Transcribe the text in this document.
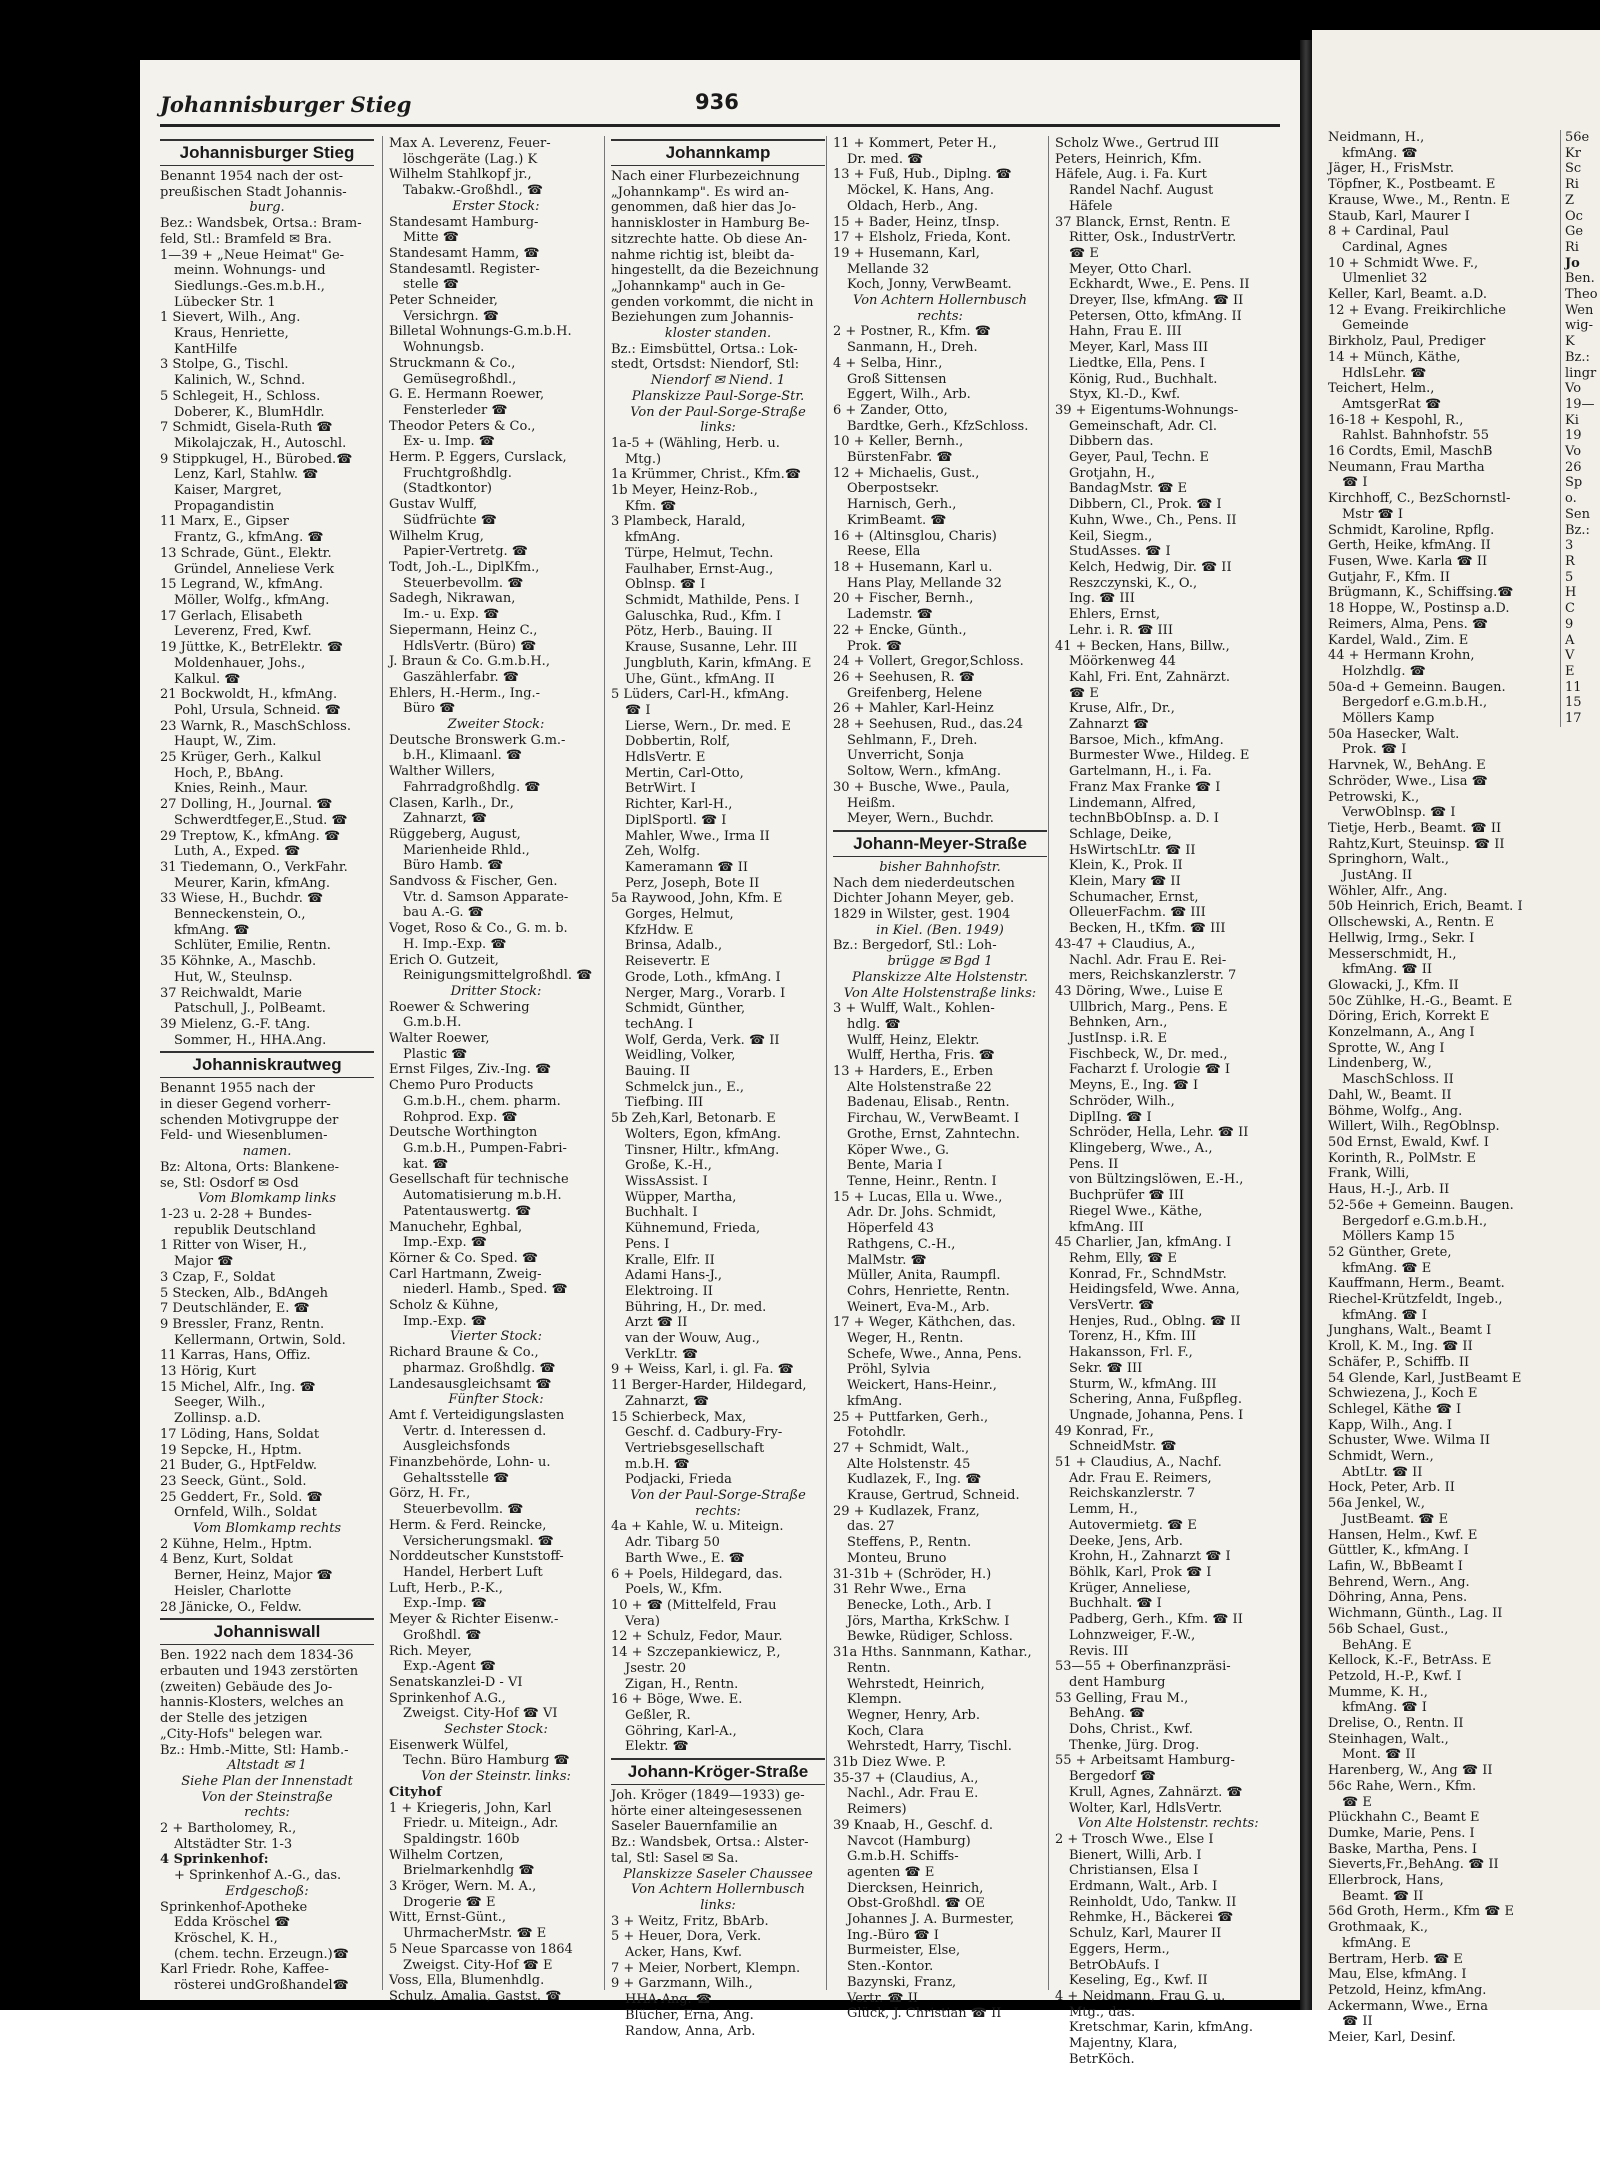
Johannisburger Stieg	936
Johannisburger Stieg
Benannt 1954 nach der ost-
preußischen Stadt Johannis-
burg.
Bez.: Wandsbek, Ortsa.: Bram-
feld, Stl.: Bramfeld ✉ Bra.
1—39 + „Neue Heimat" Ge-
meinn. Wohnungs- und
Siedlungs.-Ges.m.b.H.,
Lübecker Str. 1
1 Sievert, Wilh., Ang.
Kraus, Henriette,
KantHilfe
3 Stolpe, G., Tischl.
Kalinich, W., Schnd.
5 Schlegeit, H., Schloss.
Doberer, K., BlumHdlr.
7 Schmidt, Gisela-Ruth ☎
Mikolajczak, H., Autoschl.
9 Stippkugel, H., Bürobed.☎
Lenz, Karl, Stahlw. ☎
Kaiser, Margret,
Propagandistin
11 Marx, E., Gipser
Frantz, G., kfmAng. ☎
13 Schrade, Günt., Elektr.
Gründel, Anneliese Verk
15 Legrand, W., kfmAng.
Möller, Wolfg., kfmAng.
17 Gerlach, Elisabeth
Leverenz, Fred, Kwf.
19 Jüttke, K., BetrElektr. ☎
Moldenhauer, Johs.,
Kalkul. ☎
21 Bockwoldt, H., kfmAng.
Pohl, Ursula, Schneid. ☎
23 Warnk, R., MaschSchloss.
Haupt, W., Zim.
25 Krüger, Gerh., Kalkul
Hoch, P., BbAng.
Knies, Reinh., Maur.
27 Dolling, H., Journal. ☎
Schwerdtfeger,E.,Stud. ☎
29 Treptow, K., kfmAng. ☎
Luth, A., Exped. ☎
31 Tiedemann, O., VerkFahr.
Meurer, Karin, kfmAng.
33 Wiese, H., Buchdr. ☎
Benneckenstein, O.,
kfmAng. ☎
Schlüter, Emilie, Rentn.
35 Köhnke, A., Maschb.
Hut, W., Steulnsp.
37 Reichwaldt, Marie
Patschull, J., PolBeamt.
39 Mielenz, G.-F. tAng.
Sommer, H., HHA.Ang.
Johanniskrautweg
Benannt 1955 nach der
in dieser Gegend vorherr-
schenden Motivgruppe der
Feld- und Wiesenblumen-
namen.
Bz: Altona, Orts: Blankene-
se, Stl: Osdorf ✉ Osd
Vom Blomkamp links
1-23 u. 2-28 + Bundes-
republik Deutschland
1 Ritter von Wiser, H.,
Major ☎
3 Czap, F., Soldat
5 Stecken, Alb., BdAngeh
7 Deutschländer, E. ☎
9 Bressler, Franz, Rentn.
Kellermann, Ortwin, Sold.
11 Karras, Hans, Offiz.
13 Hörig, Kurt
15 Michel, Alfr., Ing. ☎
Seeger, Wilh.,
Zollinsp. a.D.
17 Löding, Hans, Soldat
19 Sepcke, H., Hptm.
21 Buder, G., HptFeldw.
23 Seeck, Günt., Sold.
25 Geddert, Fr., Sold. ☎
Ornfeld, Wilh., Soldat
Vom Blomkamp rechts
2 Kühne, Helm., Hptm.
4 Benz, Kurt, Soldat
Berner, Heinz, Major ☎
Heisler, Charlotte
28 Jänicke, O., Feldw.
Johanniswall
Ben. 1922 nach dem 1834-36
erbauten und 1943 zerstörten
(zweiten) Gebäude des Jo-
hannis-Klosters, welches an
der Stelle des jetzigen
„City-Hofs" belegen war.
Bz.: Hmb.-Mitte, Stl: Hamb.-
Altstadt ✉ 1
Siehe Plan der Innenstadt
Von der Steinstraße
rechts:
2 + Bartholomey, R.,
Altstädter Str. 1-3
4 Sprinkenhof:
+ Sprinkenhof A.-G., das.
Erdgeschoß:
Sprinkenhof-Apotheke
Edda Kröschel ☎
Kröschel, K. H.,
(chem. techn. Erzeugn.)☎
Karl Friedr. Rohe, Kaffee-
rösterei undGroßhandel☎
Max A. Leverenz, Feuer-
löschgeräte (Lag.) K
Wilhelm Stahlkopf jr.,
Tabakw.-Großhdl., ☎
Erster Stock:
Standesamt Hamburg-
Mitte ☎
Standesamt Hamm, ☎
Standesamtl. Register-
stelle ☎
Peter Schneider,
Versichrgn. ☎
Billetal Wohnungs-G.m.b.H.
Wohnungsb.
Struckmann & Co.,
Gemüsegroßhdl.,
G. E. Hermann Roewer,
Fensterleder ☎
Theodor Peters & Co.,
Ex- u. Imp. ☎
Herm. P. Eggers, Curslack,
Fruchtgroßhdlg.
(Stadtkontor)
Gustav Wulff,
Südfrüchte ☎
Wilhelm Krug,
Papier-Vertretg. ☎
Todt, Joh.-L., DiplKfm.,
Steuerbevollm. ☎
Sadegh, Nikrawan,
Im.- u. Exp. ☎
Siepermann, Heinz C.,
HdlsVertr. (Büro) ☎
J. Braun & Co. G.m.b.H.,
Gaszählerfabr. ☎
Ehlers, H.-Herm., Ing.-
Büro ☎
Zweiter Stock:
Deutsche Bronswerk G.m.-
b.H., Klimaanl. ☎
Walther Willers,
Fahrradgroßhdlg. ☎
Clasen, Karlh., Dr.,
Zahnarzt, ☎
Rüggeberg, August,
Marienheide Rhld.,
Büro Hamb. ☎
Sandvoss & Fischer, Gen.
Vtr. d. Samson Apparate-
bau A.-G. ☎
Voget, Roso & Co., G. m. b.
H. Imp.-Exp. ☎
Erich O. Gutzeit,
Reinigungsmittelgroßhdl. ☎
Dritter Stock:
Roewer & Schwering
G.m.b.H.
Walter Roewer,
Plastic ☎
Ernst Filges, Ziv.-Ing. ☎
Chemo Puro Products
G.m.b.H., chem. pharm.
Rohprod. Exp. ☎
Deutsche Worthington
G.m.b.H., Pumpen-Fabri-
kat. ☎
Gesellschaft für technische
Automatisierung m.b.H.
Patentauswertg. ☎
Manuchehr, Eghbal,
Imp.-Exp. ☎
Körner & Co. Sped. ☎
Carl Hartmann, Zweig-
niederl. Hamb., Sped. ☎
Scholz & Kühne,
Imp.-Exp. ☎
Vierter Stock:
Richard Braune & Co.,
pharmaz. Großhdlg. ☎
Landesausgleichsamt ☎
Fünfter Stock:
Amt f. Verteidigungslasten
Vertr. d. Interessen d.
Ausgleichsfonds
Finanzbehörde, Lohn- u.
Gehaltsstelle ☎
Görz, H. Fr.,
Steuerbevollm. ☎
Herm. & Ferd. Reincke,
Versicherungsmakl. ☎
Norddeutscher Kunststoff-
Handel, Herbert Luft
Luft, Herb., P.-K.,
Exp.-Imp. ☎
Meyer & Richter Eisenw.-
Großhdl. ☎
Rich. Meyer,
Exp.-Agent ☎
Senatskanzlei-D - VI
Sprinkenhof A.G.,
Zweigst. City-Hof ☎ VI
Sechster Stock:
Eisenwerk Wülfel,
Techn. Büro Hamburg ☎
Von der Steinstr. links:
Cityhof
1 + Kriegeris, John, Karl
Friedr. u. Miteign., Adr.
Spaldingstr. 160b
Wilhelm Cortzen,
Brielmarkenhdlg ☎
3 Kröger, Wern. M. A.,
Drogerie ☎ E
Witt, Ernst-Günt.,
UhrmacherMstr. ☎ E
5 Neue Sparcasse von 1864
Zweigst. City-Hof ☎ E
Voss, Ella, Blumenhdlg.
Schulz, Amalia, Gastst. ☎
Johannkamp
Nach einer Flurbezeichnung
„Johannkamp". Es wird an-
genommen, daß hier das Jo-
hanniskloster in Hamburg Be-
sitzrechte hatte. Ob diese An-
nahme richtig ist, bleibt da-
hingestellt, da die Bezeichnung
„Johannkamp" auch in Ge-
genden vorkommt, die nicht in
Beziehungen zum Johannis-
kloster standen.
Bz.: Eimsbüttel, Ortsa.: Lok-
stedt, Ortsdst: Niendorf, Stl:
Niendorf ✉ Niend. 1
Planskizze Paul-Sorge-Str.
Von der Paul-Sorge-Straße
links:
1a-5 + (Wähling, Herb. u.
Mtg.)
1a Krümmer, Christ., Kfm.☎
1b Meyer, Heinz-Rob.,
Kfm. ☎
3 Plambeck, Harald,
kfmAng.
Türpe, Helmut, Techn.
Faulhaber, Ernst-Aug.,
Oblnsp. ☎ I
Schmidt, Mathilde, Pens. I
Galuschka, Rud., Kfm. I
Pötz, Herb., Bauing. II
Krause, Susanne, Lehr. III
Jungbluth, Karin, kfmAng. E
Uhe, Günt., kfmAng. II
5 Lüders, Carl-H., kfmAng.
☎ I
Lierse, Wern., Dr. med. E
Dobbertin, Rolf,
HdlsVertr. E
Mertin, Carl-Otto,
BetrWirt. I
Richter, Karl-H.,
DiplSportl. ☎ I
Mahler, Wwe., Irma II
Zeh, Wolfg.
Kameramann ☎ II
Perz, Joseph, Bote II
5a Raywood, John, Kfm. E
Gorges, Helmut,
KfzHdw. E
Brinsa, Adalb.,
Reisevertr. E
Grode, Loth., kfmAng. I
Nerger, Marg., Vorarb. I
Schmidt, Günther,
techAng. I
Wolf, Gerda, Verk. ☎ II
Weidling, Volker,
Bauing. II
Schmelck jun., E.,
Tiefbing. III
5b Zeh,Karl, Betonarb. E
Wolters, Egon, kfmAng.
Tinsner, Hiltr., kfmAng.
Große, K.-H.,
WissAssist. I
Wüpper, Martha,
Buchhalt. I
Kühnemund, Frieda,
Pens. I
Kralle, Elfr. II
Adami Hans-J.,
Elektroing. II
Bühring, H., Dr. med.
Arzt ☎ II
van der Wouw, Aug.,
VerkLtr. ☎
9 + Weiss, Karl, i. gl. Fa. ☎
11 Berger-Harder, Hildegard,
Zahnarzt, ☎
15 Schierbeck, Max,
Geschf. d. Cadbury-Fry-
Vertriebsgesellschaft
m.b.H. ☎
Podjacki, Frieda
Von der Paul-Sorge-Straße
rechts:
4a + Kahle, W. u. Miteign.
Adr. Tibarg 50
Barth Wwe., E. ☎
6 + Poels, Hildegard, das.
Poels, W., Kfm.
10 + ☎ (Mittelfeld, Frau
Vera)
12 + Schulz, Fedor, Maur.
14 + Szczepankiewicz, P.,
Jsestr. 20
Zigan, H., Rentn.
16 + Böge, Wwe. E.
Geßler, R.
Göhring, Karl-A.,
Elektr. ☎
Johann-Kröger-Straße
Joh. Kröger (1849—1933) ge-
hörte einer alteingesessenen
Saseler Bauernfamilie an
Bz.: Wandsbek, Ortsa.: Alster-
tal, Stl: Sasel ✉ Sa.
Planskizze Saseler Chaussee
Von Achtern Hollernbusch
links:
3 + Weitz, Fritz, BbArb.
5 + Heuer, Dora, Verk.
Acker, Hans, Kwf.
7 + Meier, Norbert, Klempn.
9 + Garzmann, Wilh.,
HHA-Ang. ☎
Blücher, Erna, Ang.
Randow, Anna, Arb.
11 + Kommert, Peter H.,
Dr. med. ☎
13 + Fuß, Hub., Diplng. ☎
Möckel, K. Hans, Ang.
Oldach, Herb., Ang.
15 + Bader, Heinz, tInsp.
17 + Elsholz, Frieda, Kont.
19 + Husemann, Karl,
Mellande 32
Koch, Jonny, VerwBeamt.
Von Achtern Hollernbusch
rechts:
2 + Postner, R., Kfm. ☎
Sanmann, H., Dreh.
4 + Selba, Hinr.,
Groß Sittensen
Eggert, Wilh., Arb.
6 + Zander, Otto,
Bardtke, Gerh., KfzSchloss.
10 + Keller, Bernh.,
BürstenFabr. ☎
12 + Michaelis, Gust.,
Oberpostsekr.
Harnisch, Gerh.,
KrimBeamt. ☎
16 + (Altinsglou, Charis)
Reese, Ella
18 + Husemann, Karl u.
Hans Play, Mellande 32
20 + Fischer, Bernh.,
Lademstr. ☎
22 + Encke, Günth.,
Prok. ☎
24 + Vollert, Gregor,Schloss.
26 + Seehusen, R. ☎
Greifenberg, Helene
26 + Mahler, Karl-Heinz
28 + Seehusen, Rud., das.24
Sehlmann, F., Dreh.
Unverricht, Sonja
Soltow, Wern., kfmAng.
30 + Busche, Wwe., Paula,
Heißm.
Meyer, Wern., Buchdr.
Johann-Meyer-Straße
bisher Bahnhofstr.
Nach dem niederdeutschen
Dichter Johann Meyer, geb.
1829 in Wilster, gest. 1904
in Kiel. (Ben. 1949)
Bz.: Bergedorf, Stl.: Loh-
brügge ✉ Bgd 1
Planskizze Alte Holstenstr.
Von Alte Holstenstraße links:
3 + Wulff, Walt., Kohlen-
hdlg. ☎
Wulff, Heinz, Elektr.
Wulff, Hertha, Fris. ☎
13 + Harders, E., Erben
Alte Holstenstraße 22
Badenau, Elisab., Rentn.
Firchau, W., VerwBeamt. I
Grothe, Ernst, Zahntechn.
Köper Wwe., G.
Bente, Maria I
Tenne, Heinr., Rentn. I
15 + Lucas, Ella u. Wwe.,
Adr. Dr. Johs. Schmidt,
Höperfeld 43
Rathgens, C.-H.,
MalMstr. ☎
Müller, Anita, Raumpfl.
Cohrs, Henriette, Rentn.
Weinert, Eva-M., Arb.
17 + Weger, Käthchen, das.
Weger, H., Rentn.
Schefe, Wwe., Anna, Pens.
Pröhl, Sylvia
Weickert, Hans-Heinr.,
kfmAng.
25 + Puttfarken, Gerh.,
Fotohdlr.
27 + Schmidt, Walt.,
Alte Holstenstr. 45
Kudlazek, F., Ing. ☎
Krause, Gertrud, Schneid.
29 + Kudlazek, Franz,
das. 27
Steffens, P., Rentn.
Monteu, Bruno
31-31b + (Schröder, H.)
31 Rehr Wwe., Erna
Benecke, Loth., Arb. I
Jörs, Martha, KrkSchw. I
Bewke, Rüdiger, Schloss.
31a Hths. Sannmann, Kathar.,
Rentn.
Wehrstedt, Heinrich,
Klempn.
Wegner, Henry, Arb.
Koch, Clara
Wehrstedt, Harry, Tischl.
31b Diez Wwe. P.
35-37 + (Claudius, A.,
Nachl., Adr. Frau E.
Reimers)
39 Knaab, H., Geschf. d.
Navcot (Hamburg)
G.m.b.H. Schiffs-
agenten ☎ E
Diercksen, Heinrich,
Obst-Großhdl. ☎ OE
Johannes J. A. Burmester,
Ing.-Büro ☎ I
Burmeister, Else,
Sten.-Kontor.
Bazynski, Franz,
Vertr. ☎ II
Glück, J. Christian ☎ II
Scholz Wwe., Gertrud III
Peters, Heinrich, Kfm.
Häfele, Aug. i. Fa. Kurt
Randel Nachf. August
Häfele
37 Blanck, Ernst, Rentn. E
Ritter, Osk., IndustrVertr.
☎ E
Meyer, Otto Charl.
Eckhardt, Wwe., E. Pens. II
Dreyer, Ilse, kfmAng. ☎ II
Petersen, Otto, kfmAng. II
Hahn, Frau E. III
Meyer, Karl, Mass III
Liedtke, Ella, Pens. I
König, Rud., Buchhalt.
Styx, Kl.-D., Kwf.
39 + Eigentums-Wohnungs-
Gemeinschaft, Adr. Cl.
Dibbern das.
Geyer, Paul, Techn. E
Grotjahn, H.,
BandagMstr. ☎ E
Dibbern, Cl., Prok. ☎ I
Kuhn, Wwe., Ch., Pens. II
Keil, Siegm.,
StudAsses. ☎ I
Kelch, Hedwig, Dir. ☎ II
Reszczynski, K., O.,
Ing. ☎ III
Ehlers, Ernst,
Lehr. i. R. ☎ III
41 + Becken, Hans, Billw.,
Möörkenweg 44
Kahl, Fri. Ent, Zahnärzt.
☎ E
Kruse, Alfr., Dr.,
Zahnarzt ☎
Barsoe, Mich., kfmAng.
Burmester Wwe., Hildeg. E
Gartelmann, H., i. Fa.
Franz Max Franke ☎ I
Lindemann, Alfred,
technBbObInsp. a. D. I
Schlage, Deike,
HsWirtschLtr. ☎ II
Klein, K., Prok. II
Klein, Mary ☎ II
Schumacher, Ernst,
OlleuerFachm. ☎ III
Becken, H., tKfm. ☎ III
43-47 + Claudius, A.,
Nachl. Adr. Frau E. Rei-
mers, Reichskanzlerstr. 7
43 Döring, Wwe., Luise E
Ullbrich, Marg., Pens. E
Behnken, Arn.,
JustInsp. i.R. E
Fischbeck, W., Dr. med.,
Facharzt f. Urologie ☎ I
Meyns, E., Ing. ☎ I
Schröder, Wilh.,
DiplIng. ☎ I
Schröder, Hella, Lehr. ☎ II
Klingeberg, Wwe., A.,
Pens. II
von Bültzingslöwen, E.-H.,
Buchprüfer ☎ III
Riegel Wwe., Käthe,
kfmAng. III
45 Charlier, Jan, kfmAng. I
Rehm, Elly, ☎ E
Konrad, Fr., SchndMstr.
Heidingsfeld, Wwe. Anna,
VersVertr. ☎
Henjes, Rud., Oblng. ☎ II
Torenz, H., Kfm. III
Hakansson, Frl. F.,
Sekr. ☎ III
Sturm, W., kfmAng. III
Schering, Anna, Fußpfleg.
Ungnade, Johanna, Pens. I
49 Konrad, Fr.,
SchneidMstr. ☎
51 + Claudius, A., Nachf.
Adr. Frau E. Reimers,
Reichskanzlerstr. 7
Lemm, H.,
Autovermietg. ☎ E
Deeke, Jens, Arb.
Krohn, H., Zahnarzt ☎ I
Böhlk, Karl, Prok ☎ I
Krüger, Anneliese,
Buchhalt. ☎ I
Padberg, Gerh., Kfm. ☎ II
Lohnzweiger, F.-W.,
Revis. III
53—55 + Oberfinanzpräsi-
dent Hamburg
53 Gelling, Frau M.,
BehAng. ☎
Dohs, Christ., Kwf.
Thenke, Jürg. Drog.
55 + Arbeitsamt Hamburg-
Bergedorf ☎
Krull, Agnes, Zahnärzt. ☎
Wolter, Karl, HdlsVertr.
Von Alte Holstenstr. rechts:
2 + Trosch Wwe., Else I
Bienert, Willi, Arb. I
Christiansen, Elsa I
Erdmann, Walt., Arb. I
Reinholdt, Udo, Tankw. II
Rehmke, H., Bäckerei ☎
Schulz, Karl, Maurer II
Eggers, Herm.,
BetrObAufs. I
Keseling, Eg., Kwf. II
4 + Neidmann, Frau G. u.
Mtg., das.
Kretschmar, Karin, kfmAng.
Majentny, Klara,
BetrKöch.
Neidmann, H.,
kfmAng. ☎
Jäger, H., FrisMstr.
Töpfner, K., Postbeamt. E
Krause, Wwe., M., Rentn. E
Staub, Karl, Maurer I
8 + Cardinal, Paul
Cardinal, Agnes
10 + Schmidt Wwe. F.,
Ulmenliet 32
Keller, Karl, Beamt. a.D.
12 + Evang. Freikirchliche
Gemeinde
Birkholz, Paul, Prediger
14 + Münch, Käthe,
HdlsLehr. ☎
Teichert, Helm.,
AmtsgerRat ☎
16-18 + Kespohl, R.,
Rahlst. Bahnhofstr. 55
16 Cordts, Emil, MaschB
Neumann, Frau Martha
☎ I
Kirchhoff, C., BezSchornstl-
Mstr ☎ I
Schmidt, Karoline, Rpflg.
Gerth, Heike, kfmAng. II
Fusen, Wwe. Karla ☎ II
Gutjahr, F., Kfm. II
Brügmann, K., Schiffsing.☎
18 Hoppe, W., Postinsp a.D.
Reimers, Alma, Pens. ☎
Kardel, Wald., Zim. E
44 + Hermann Krohn,
Holzhdlg. ☎
50a-d + Gemeinn. Baugen.
Bergedorf e.G.m.b.H.,
Möllers Kamp
50a Hasecker, Walt.
Prok. ☎ I
Harvnek, W., BehAng. E
Schröder, Wwe., Lisa ☎
Petrowski, K.,
VerwOblnsp. ☎ I
Tietje, Herb., Beamt. ☎ II
Rahtz,Kurt, Steuinsp. ☎ II
Springhorn, Walt.,
JustAng. II
Wöhler, Alfr., Ang.
50b Heinrich, Erich, Beamt. I
Ollschewski, A., Rentn. E
Hellwig, Irmg., Sekr. I
Messerschmidt, H.,
kfmAng. ☎ II
Glowacki, J., Kfm. II
50c Zühlke, H.-G., Beamt. E
Döring, Erich, Korrekt E
Konzelmann, A., Ang I
Sprotte, W., Ang I
Lindenberg, W.,
MaschSchloss. II
Dahl, W., Beamt. II
Böhme, Wolfg., Ang.
Willert, Wilh., RegOblnsp.
50d Ernst, Ewald, Kwf. I
Korinth, R., PolMstr. E
Frank, Willi,
Haus, H.-J., Arb. II
52-56e + Gemeinn. Baugen.
Bergedorf e.G.m.b.H.,
Möllers Kamp 15
52 Günther, Grete,
kfmAng. ☎ E
Kauffmann, Herm., Beamt.
Riechel-Krützfeldt, Ingeb.,
kfmAng. ☎ I
Junghans, Walt., Beamt I
Kroll, K. M., Ing. ☎ II
Schäfer, P., Schiffb. II
54 Glende, Karl, JustBeamt E
Schwiezena, J., Koch E
Schlegel, Käthe ☎ I
Kapp, Wilh., Ang. I
Schuster, Wwe. Wilma II
Schmidt, Wern.,
AbtLtr. ☎ II
Hock, Peter, Arb. II
56a Jenkel, W.,
JustBeamt. ☎ E
Hansen, Helm., Kwf. E
Güttler, K., kfmAng. I
Lafin, W., BbBeamt I
Behrend, Wern., Ang.
Döhring, Anna, Pens.
Wichmann, Günth., Lag. II
56b Schael, Gust.,
BehAng. E
Kellock, K.-F., BetrAss. E
Petzold, H.-P., Kwf. I
Mumme, K. H.,
kfmAng. ☎ I
Drelise, O., Rentn. II
Steinhagen, Walt.,
Mont. ☎ II
Harenberg, W., Ang ☎ II
56c Rahe, Wern., Kfm.
☎ E
Plückhahn C., Beamt E
Dumke, Marie, Pens. I
Baske, Martha, Pens. I
Sieverts,Fr.,BehAng. ☎ II
Ellerbrock, Hans,
Beamt. ☎ II
56d Groth, Herm., Kfm ☎ E
Grothmaak, K.,
kfmAng. E
Bertram, Herb. ☎ E
Mau, Else, kfmAng. I
Petzold, Heinz, kfmAng.
Ackermann, Wwe., Erna
☎ II
Meier, Karl, Desinf.
56e
Kr
Sc
Ri
Z
Oc
Ge
Ri
Jo
Ben.
Theo
Wen
wig-
K
Bz.:
lingr
Vo
19—
Ki
19
Vo
26
Sp
o.
Sen
Bz.:
3
R
5
H
C
9
A
V
E
11
15
17
